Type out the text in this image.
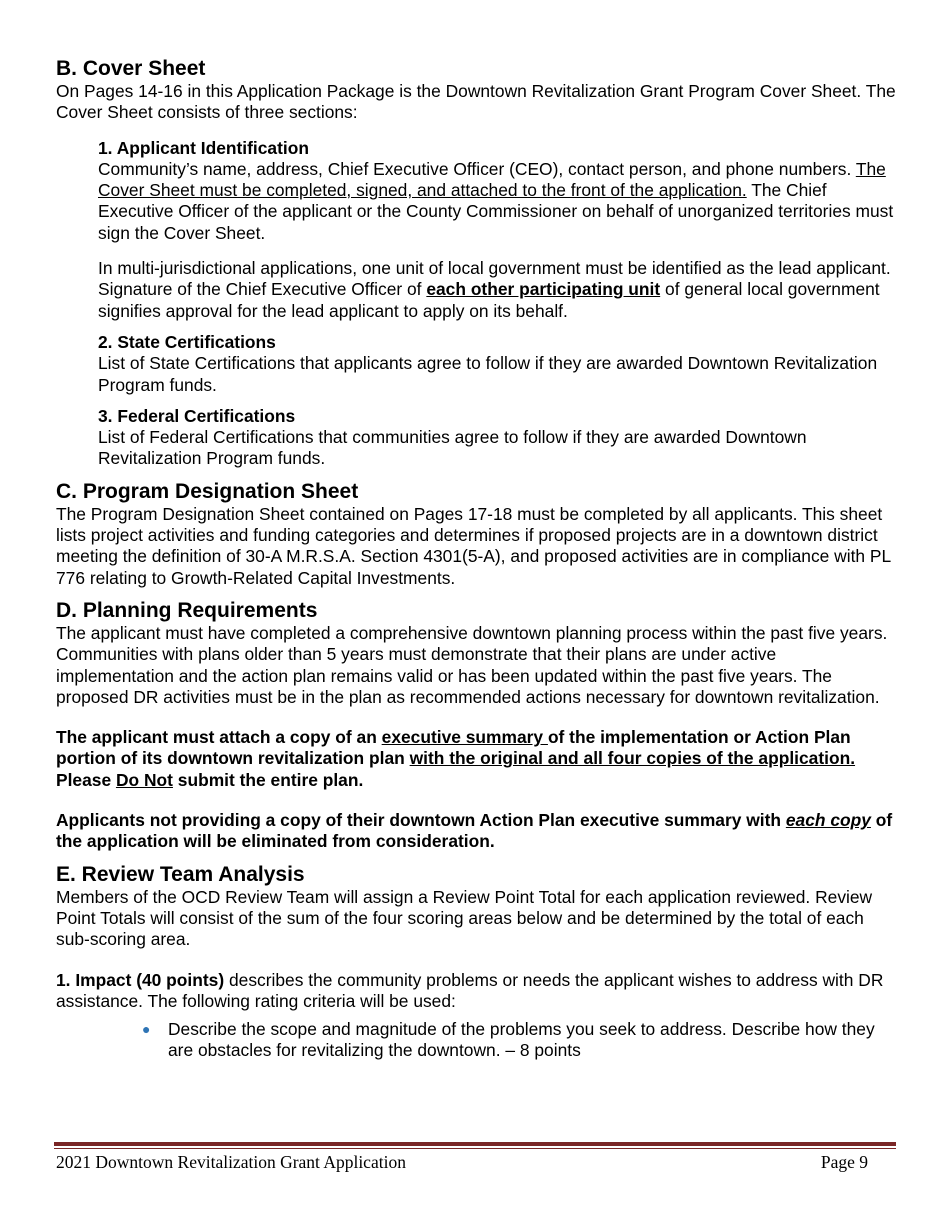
B. Cover Sheet

On Pages 14-16 in this Application Package is the Downtown Revitalization Grant Program Cover Sheet. The Cover Sheet consists of three sections:

1. Applicant Identification

Community’s name, address, Chief Executive Officer (CEO), contact person, and phone numbers. The Cover Sheet must be completed, signed, and attached to the front of the application. The Chief Executive Officer of the applicant or the County Commissioner on behalf of unorganized territories must sign the Cover Sheet.

In multi-jurisdictional applications, one unit of local government must be identified as the lead applicant. Signature of the Chief Executive Officer of each other participating unit of general local government signifies approval for the lead applicant to apply on its behalf.

2. State Certifications

List of State Certifications that applicants agree to follow if they are awarded Downtown Revitalization Program funds.

3. Federal Certifications

List of Federal Certifications that communities agree to follow if they are awarded Downtown Revitalization Program funds.

C. Program Designation Sheet

The Program Designation Sheet contained on Pages 17-18 must be completed by all applicants. This sheet lists project activities and funding categories and determines if proposed projects are in a downtown district meeting the definition of 30-A M.R.S.A. Section 4301(5-A), and proposed activities are in compliance with PL 776 relating to Growth-Related Capital Investments.

D. Planning Requirements

The applicant must have completed a comprehensive downtown planning process within the past five years. Communities with plans older than 5 years must demonstrate that their plans are under active implementation and the action plan remains valid or has been updated within the past five years. The proposed DR activities must be in the plan as recommended actions necessary for downtown revitalization.

The applicant must attach a copy of an executive summary of the implementation or Action Plan portion of its downtown revitalization plan with the original and all four copies of the application. Please Do Not submit the entire plan.

Applicants not providing a copy of their downtown Action Plan executive summary with each copy of the application will be eliminated from consideration.

E. Review Team Analysis

Members of the OCD Review Team will assign a Review Point Total for each application reviewed. Review Point Totals will consist of the sum of the four scoring areas below and be determined by the total of each sub-scoring area.

1. Impact (40 points) describes the community problems or needs the applicant wishes to address with DR assistance. The following rating criteria will be used:

●	Describe the scope and magnitude of the problems you seek to address. Describe how they are obstacles for revitalizing the downtown. – 8 points
2021 Downtown Revitalization Grant Application	Page 9
